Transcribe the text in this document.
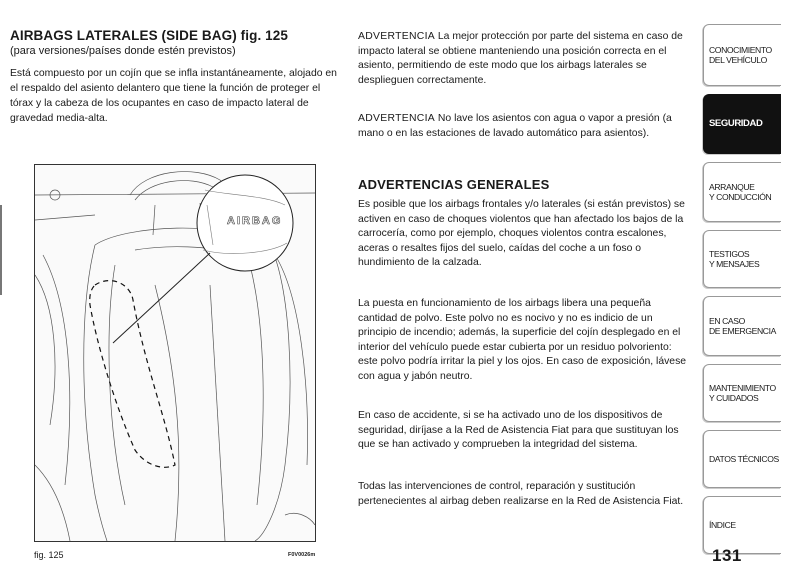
AIRBAGS LATERALES (SIDE BAG) fig. 125
(para versiones/países donde estén previstos)
Está compuesto por un cojín que se infla instantáneamente, alojado en el respaldo del asiento delantero que tiene la función de proteger el tórax y la cabeza de los ocupantes en caso de impacto lateral de gravedad media-alta.
AIRBAG
fig. 125	F0V0026m

ADVERTENCIA La mejor protección por parte del sistema en caso de impacto lateral se obtiene manteniendo una posición correcta en el asiento, permitiendo de este modo que los airbags laterales se desplieguen correctamente.

ADVERTENCIA No lave los asientos con agua o vapor a presión (a mano o en las estaciones de lavado automático para asientos).

ADVERTENCIAS GENERALES

Es posible que los airbags frontales y/o laterales (si están previstos) se activen en caso de choques violentos que han afectado los bajos de la carrocería, como por ejemplo, choques violentos contra escalones, aceras o resaltes fijos del suelo, caídas del coche a un foso o hundimiento de la calzada.

La puesta en funcionamiento de los airbags libera una pequeña cantidad de polvo. Este polvo no es nocivo y no es indicio de un principio de incendio; además, la superficie del cojín desplegado en el interior del vehículo puede estar cubierta por un residuo polvoriento: este polvo podría irritar la piel y los ojos. En caso de exposición, lávese con agua y jabón neutro.

En caso de accidente, si se ha activado uno de los dispositivos de seguridad, diríjase a la Red de Asistencia Fiat para que sustituyan los que se han activado y comprueben la integridad del sistema.

Todas las intervenciones de control, reparación y sustitución pertenecientes al airbag deben realizarse en la Red de Asistencia Fiat.

CONOCIMIENTO
DEL VEHÍCULO
SEGURIDAD
ARRANQUE
Y CONDUCCIÓN
TESTIGOS
Y MENSAJES
EN CASO
DE EMERGENCIA
MANTENIMIENTO
Y CUIDADOS
DATOS TÉCNICOS
ÍNDICE
131
